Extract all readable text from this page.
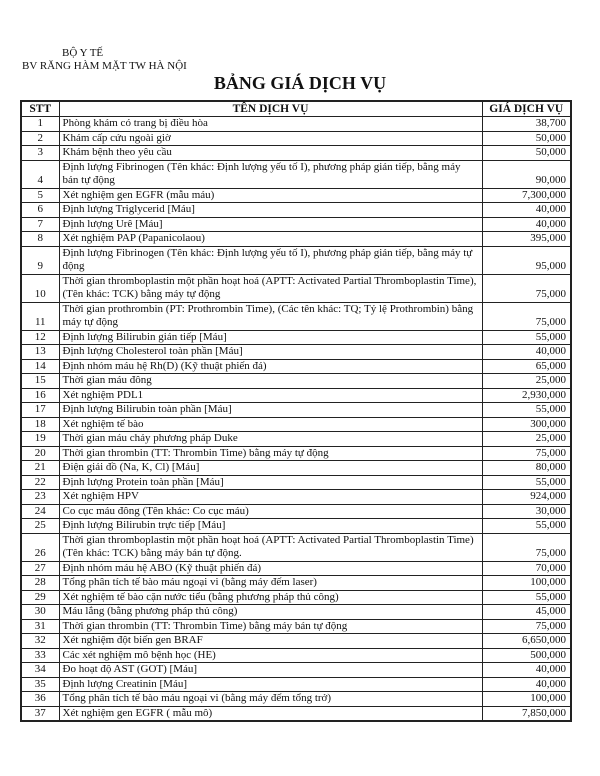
BỘ Y TẾ
BV RĂNG HÀM MẶT TW HÀ NỘI
BẢNG GIÁ DỊCH VỤ
STT	TÊN DỊCH VỤ	GIÁ DỊCH VỤ
1	Phòng khám có trang bị điều hòa	38,700
2	Khám cấp cứu ngoài giờ	50,000
3	Khám bệnh theo yêu cầu	50,000
4	Định lượng Fibrinogen (Tên khác: Định lượng yếu tố I), phương pháp gián tiếp, bằng máy bán tự động	90,000
5	Xét nghiệm gen EGFR (mẫu máu)	7,300,000
6	Định lượng Triglycerid [Máu]	40,000
7	Định lượng Urê [Máu]	40,000
8	Xét nghiệm PAP (Papanicolaou)	395,000
9	Định lượng Fibrinogen (Tên khác: Định lượng yếu tố I), phương pháp gián tiếp, bằng máy tự động	95,000
10	Thời gian thromboplastin một phần hoạt hoá (APTT: Activated Partial Thromboplastin Time), (Tên khác: TCK) bằng máy tự động	75,000
11	Thời gian prothrombin (PT: Prothrombin Time), (Các tên khác: TQ; Tỷ lệ Prothrombin) bằng máy tự động	75,000
12	Định lượng Bilirubin gián tiếp [Máu]	55,000
13	Định lượng Cholesterol toàn phần [Máu]	40,000
14	Định nhóm máu hệ Rh(D) (Kỹ thuật phiến đá)	65,000
15	Thời gian máu đông	25,000
16	Xét nghiệm PDL1	2,930,000
17	Định lượng Bilirubin toàn phần [Máu]	55,000
18	Xét nghiệm tế bào	300,000
19	Thời gian máu chảy phương pháp Duke	25,000
20	Thời gian thrombin (TT: Thrombin Time) bằng máy tự động	75,000
21	Điện giải đồ (Na, K, Cl) [Máu]	80,000
22	Định lượng Protein toàn phần [Máu]	55,000
23	Xét nghiệm HPV	924,000
24	Co cục máu đông (Tên khác: Co cục máu)	30,000
25	Định lượng Bilirubin trực tiếp [Máu]	55,000
26	Thời gian thromboplastin một phần hoạt hoá (APTT: Activated Partial Thromboplastin Time) (Tên khác: TCK) bằng máy bán tự động.	75,000
27	Định nhóm máu hệ ABO (Kỹ thuật phiến đá)	70,000
28	Tổng phân tích tế bào máu ngoại vi (bằng máy đếm laser)	100,000
29	Xét nghiệm tế bào cặn nước tiểu (bằng phương pháp thủ công)	55,000
30	Máu lắng (bằng phương pháp thủ công)	45,000
31	Thời gian thrombin (TT: Thrombin Time) bằng máy bán tự động	75,000
32	Xét nghiệm đột biến gen BRAF	6,650,000
33	Các xét nghiệm mô bệnh học (HE)	500,000
34	Đo hoạt độ AST (GOT) [Máu]	40,000
35	Định lượng Creatinin [Máu]	40,000
36	Tổng phân tích tế bào máu ngoại vi (bằng máy đếm tổng trở)	100,000
37	Xét nghiệm gen EGFR ( mẫu mô)	7,850,000
